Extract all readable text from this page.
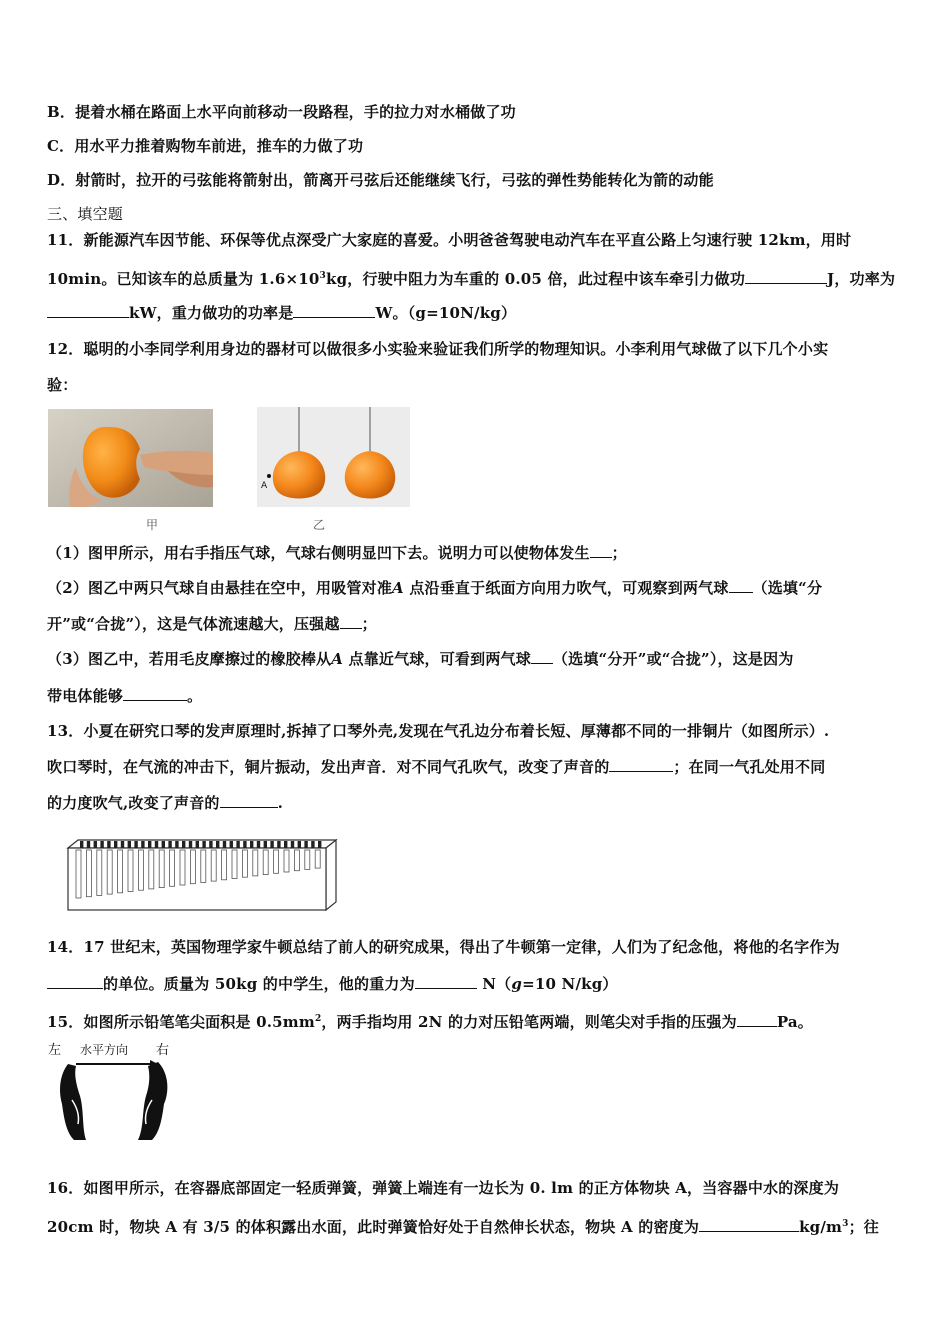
B．提着水桶在路面上水平向前移动一段路程，手的拉力对水桶做了功
C．用水平力推着购物车前进，推车的力做了功
D．射箭时，拉开的弓弦能将箭射出，箭离开弓弦后还能继续飞行，弓弦的弹性势能转化为箭的动能
三、填空题
11．新能源汽车因节能、环保等优点深受广大家庭的喜爱。小明爸爸驾驶电动汽车在平直公路上匀速行驶 12km，用时
10min。已知该车的总质量为 $1.6\times 10^3kg$，行驶中阻力为车重的 0.05 倍，此过程中该车牵引力做功	J，功率为
kW，重力做功的功率是	W。（g=10N/kg）
12．聪明的小李同学利用身边的器材可以做很多小实验来验证我们所学的物理知识。小李利用气球做了以下几个小实
验：
甲
A
乙
（1）图甲所示，用右手指压气球，气球右侧明显凹下去。说明力可以使物体发生 ；
（2）图乙中两只气球自由悬挂在空中，用吸管对准A 点沿垂直于纸面方向用力吹气，可观察到两气球 （选填“分
开”或“合拢”），这是气体流速越大，压强越 ；
（3）图乙中，若用毛皮摩擦过的橡胶棒从A 点靠近气球，可看到两气球 （选填“分开”或“合拢”），这是因为
带电体能够	。
13．小夏在研究口琴的发声原理时,拆掉了口琴外壳,发现在气孔边分布着长短、厚薄都不同的一排铜片（如图所示）.
吹口琴时，在气流的冲击下，铜片振动，发出声音．对不同气孔吹气，改变了声音的	；在同一气孔处用不同
的力度吹气,改变了声音的	.
14．17 世纪末，英国物理学家牛顿总结了前人的研究成果，得出了牛顿第一定律，人们为了纪念他，将他的名字作为
的单位。质量为 50kg 的中学生，他的重力为	N（g=10 N/kg）
15．如图所示铅笔笔尖面积是 $0.5mm^2$，两手指均用 2N 的力对压铅笔两端，则笔尖对手指的压强为	Pa。
左 水平方向 右
16．如图甲所示，在容器底部固定一轻质弹簧，弹簧上端连有一边长为 0. lm 的正方体物块 A，当容器中水的深度为
20cm 时，物块 A 有 3/5 的体积露出水面，此时弹簧恰好处于自然伸长状态，物块 A 的密度为	$kg/m^3$；往
